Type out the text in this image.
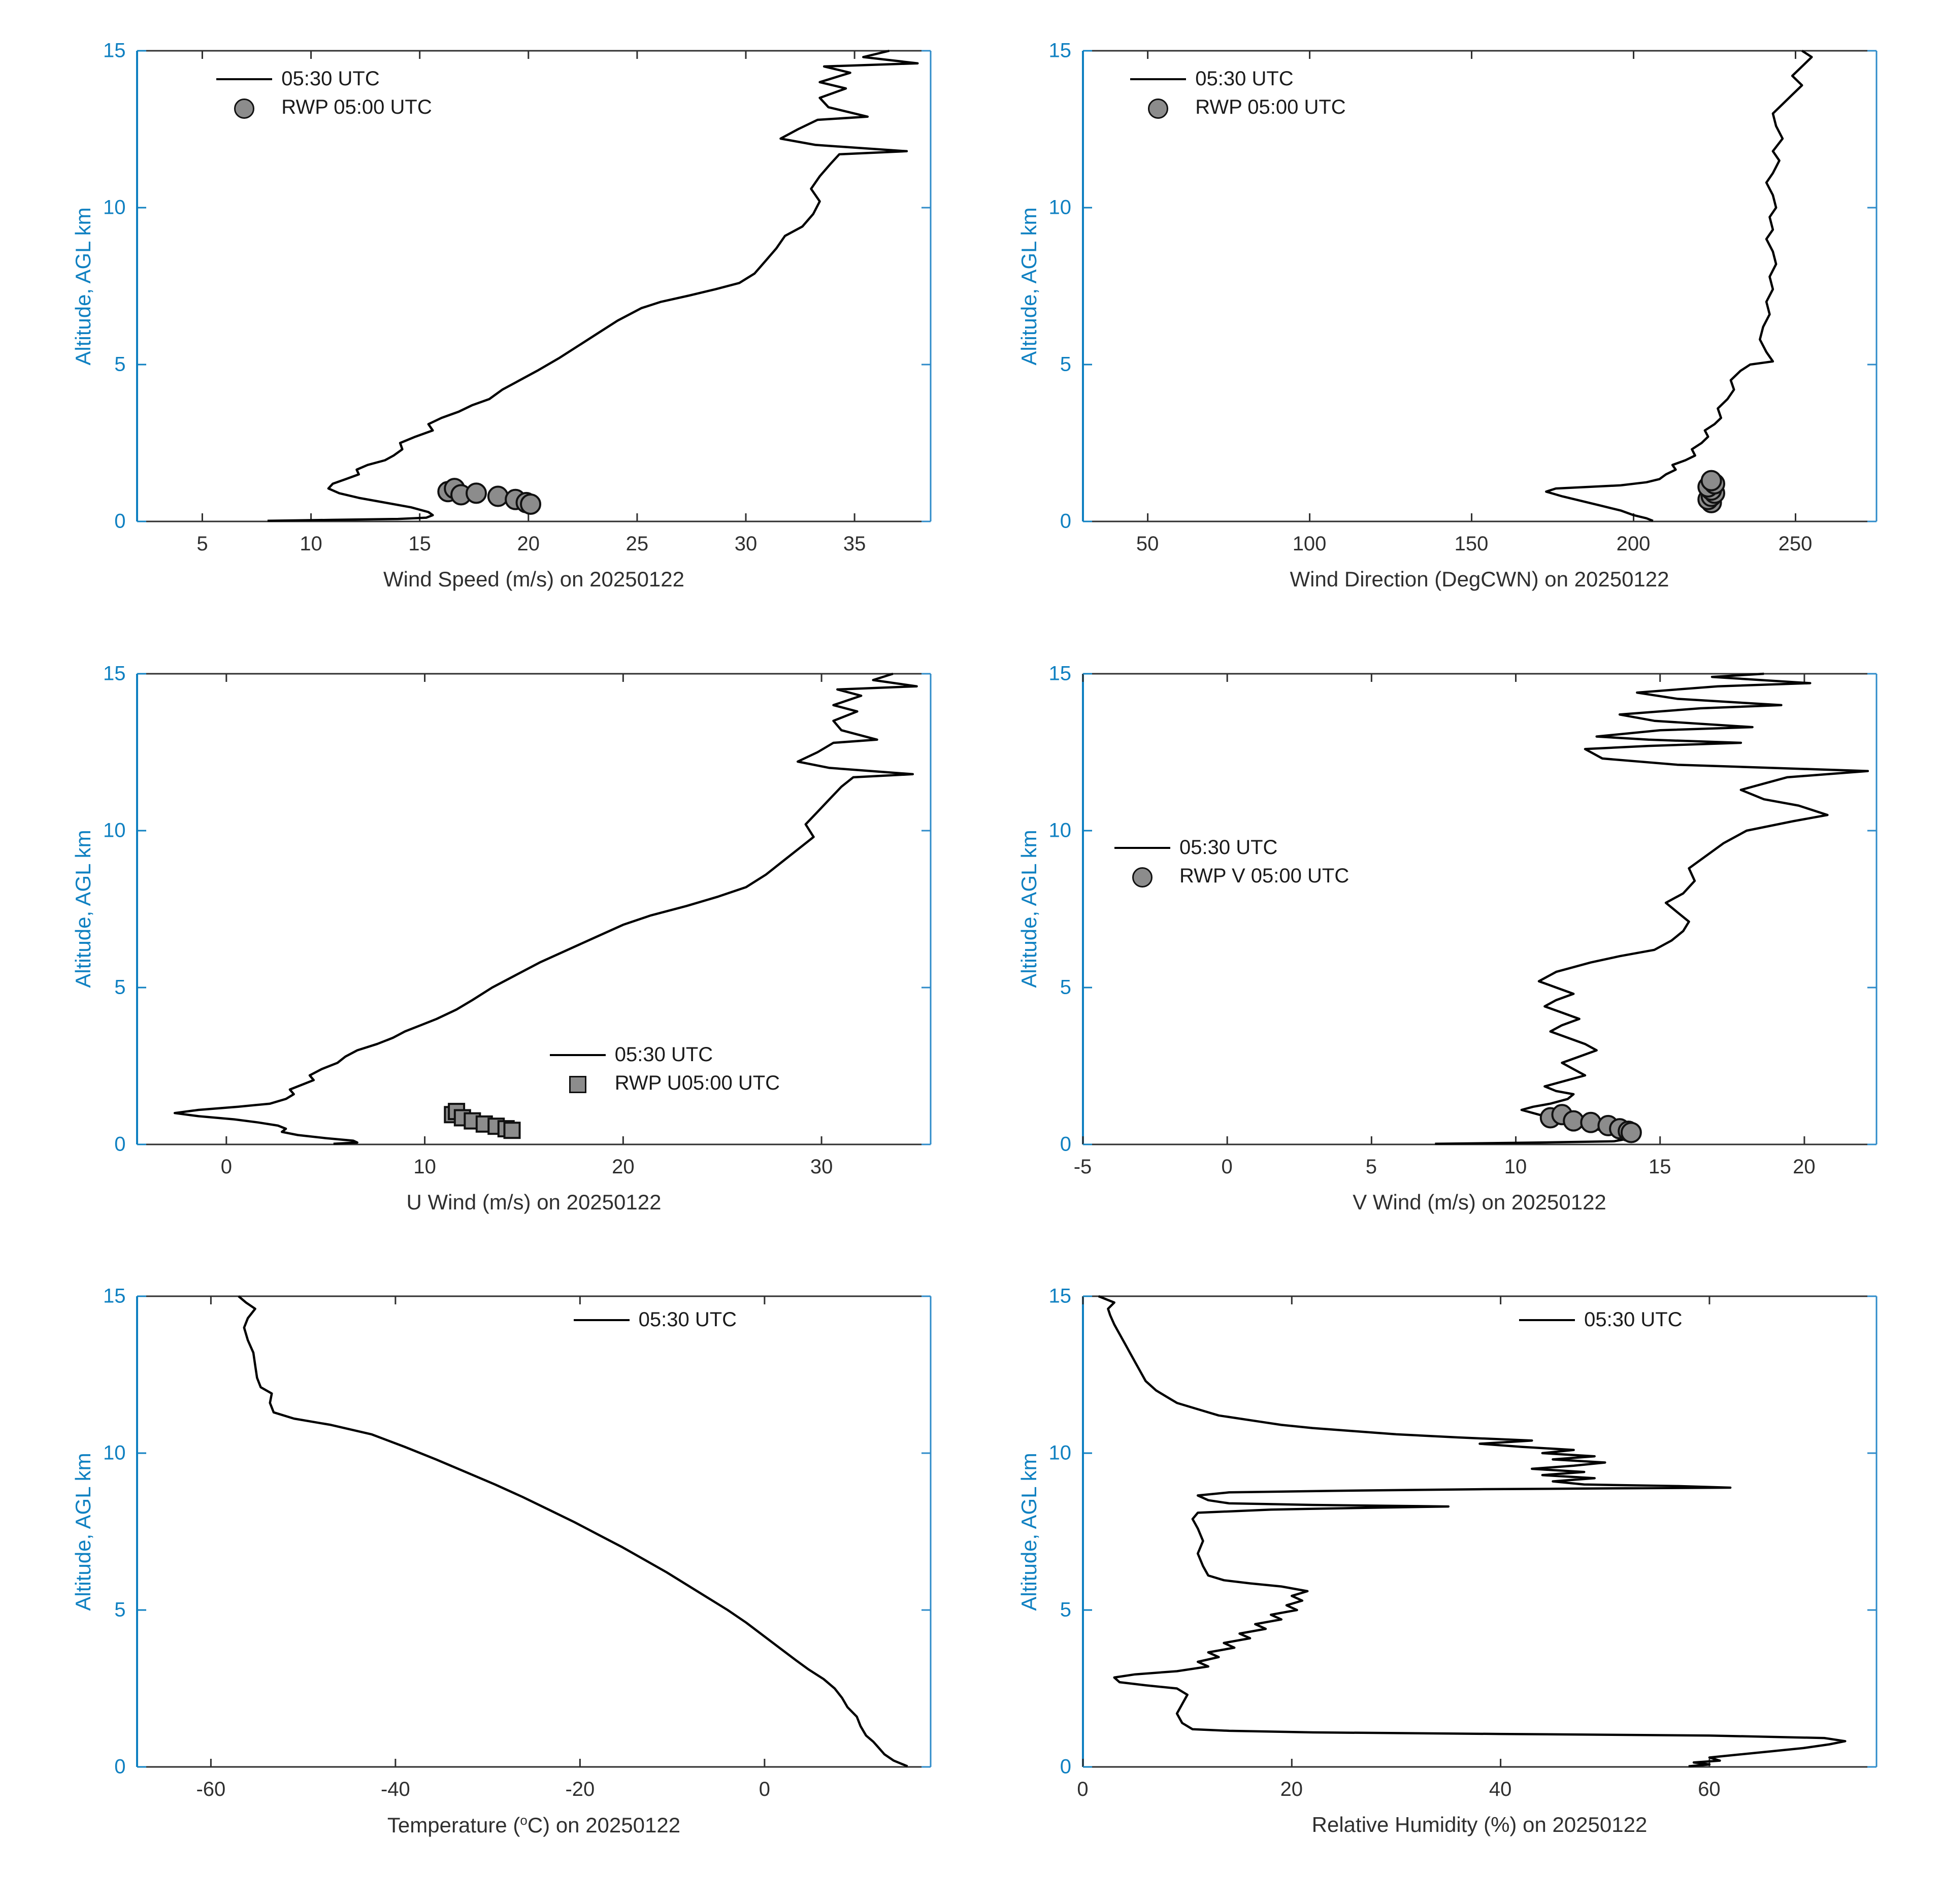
5	10	15	20	25	30	35
0
5
10
15
Wind Speed (m/s) on 20250122
Altitude, AGL km
05:30 UTC
RWP 05:00 UTC
50	100	150	200	250
0
5
10
15
Wind Direction (DegCWN) on 20250122
Altitude, AGL km
05:30 UTC
RWP 05:00 UTC
0	10	20	30
0
5
10
15
U Wind (m/s) on 20250122
Altitude, AGL km
05:30 UTC
RWP U05:00 UTC
-5	0	5	10	15	20
0
5
10
15
V Wind (m/s) on 20250122
Altitude, AGL km	05:30 UTC
RWP V 05:00 UTC
-60	-40	-20	0
0
5
10
15
Temperature ($^o$C) on 20250122
Altitude, AGL km
05:30 UTC
0	20	40	60
0
5
10
15
Relative Humidity (%) on 20250122
Altitude, AGL km
05:30 UTC
